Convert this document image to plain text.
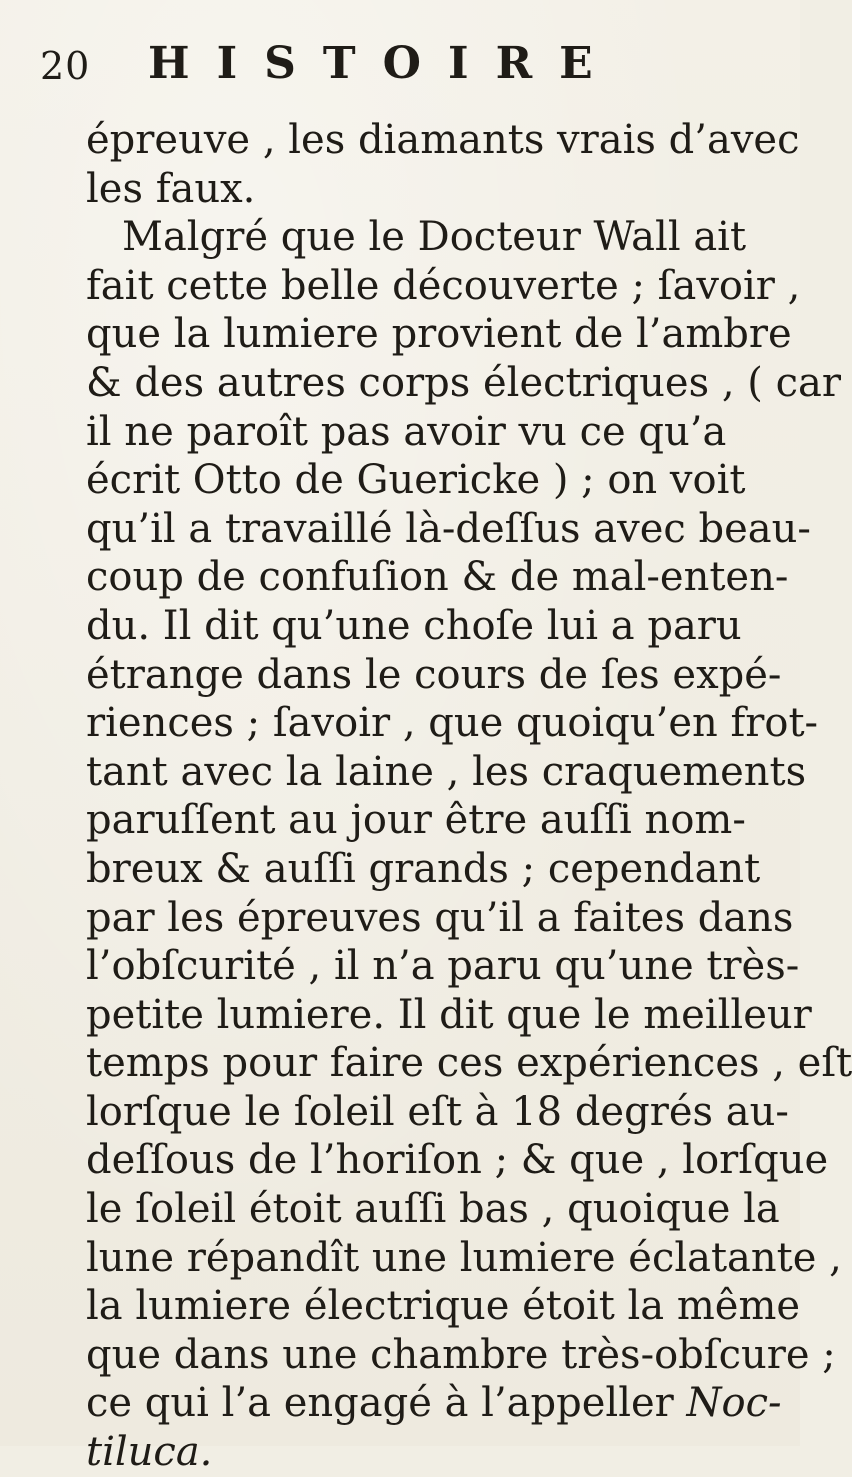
20 HISTOIRE
épreuve , les diamants vrais d’avec
les faux.
Malgré que le Docteur Wall ait
fait cette belle découverte ; ſavoir ,
que la lumiere provient de l’ambre
& des autres corps électriques , ( car
il ne paroît pas avoir vu ce qu’a
écrit Otto de Guericke ) ; on voit
qu’il a travaillé là-deſſus avec beau-
coup de confuſion & de mal-enten-
du. Il dit qu’une choſe lui a paru
étrange dans le cours de ſes expé-
riences ; ſavoir , que quoiqu’en frot-
tant avec la laine , les craquements
paruſſent au jour être auſſi nom-
breux & auſſi grands ; cependant
par les épreuves qu’il a faites dans
l’obſcurité , il n’a paru qu’une très-
petite lumiere. Il dit que le meilleur
temps pour faire ces expériences , eſt
lorſque le ſoleil eſt à 18 degrés au-
deſſous de l’horiſon ; & que , lorſque
le ſoleil étoit auſſi bas , quoique la
lune répandît une lumiere éclatante ,
la lumiere électrique étoit la même
que dans une chambre très-obſcure ;
ce qui l’a engagé à l’appeller Noc-
tiluca.
